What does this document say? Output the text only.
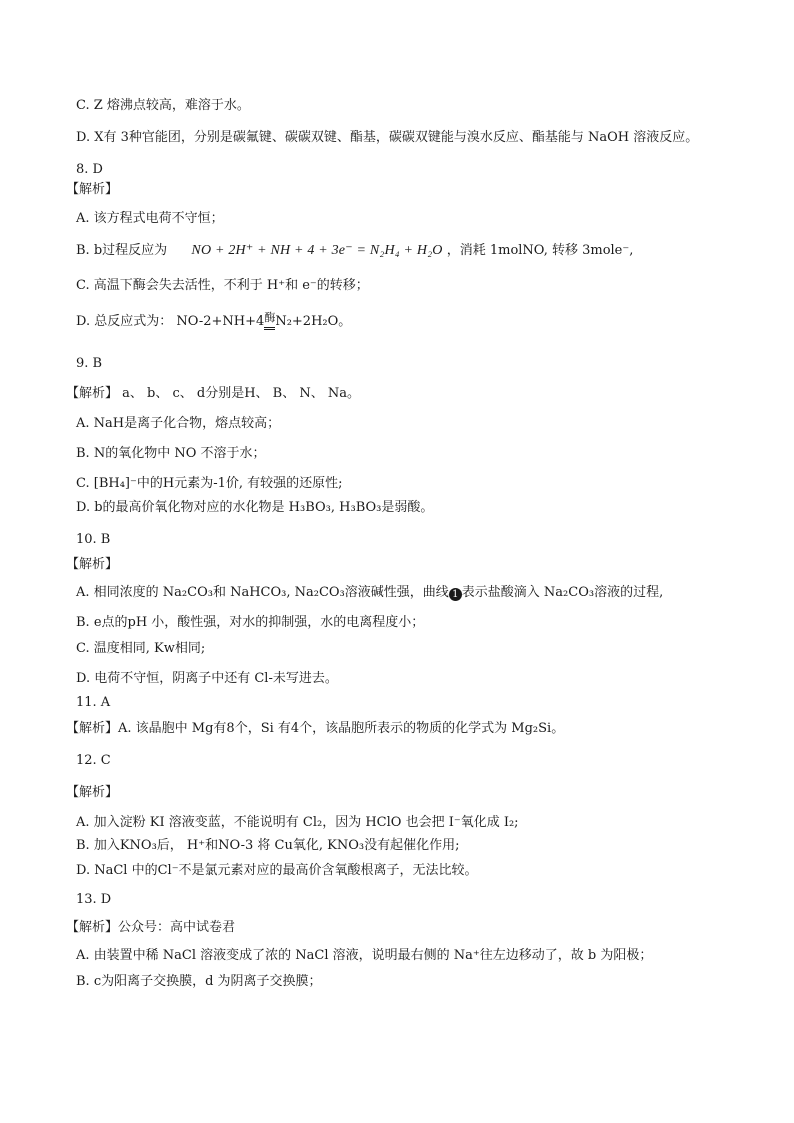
C. Z 熔沸点较高，难溶于水。
D. X有 3种官能团，分别是碳氟键、碳碳双键、酯基，碳碳双键能与溴水反应、酯基能与 NaOH 溶液反应。
8. D
【解析】
A. 该方程式电荷不守恒；
B. b过程反应为 NO + 2H⁺ + NH + 4 + 3e⁻ = N₂H₄ + H₂O ，消耗 1molNO, 转移 3mole⁻,
C. 高温下酶会失去活性，不利于 H⁺和 e⁻的转移；
D. 总反应式为： NO-2+NH+4酶N₂+2H₂O。
9. B
【解析】 a、 b、 c、 d分别是H、 B、 N、 Na。
A. NaH是离子化合物，熔点较高；
B. N的氧化物中 NO 不溶于水；
C. [BH₄]⁻中的H元素为-1价, 有较强的还原性;
D. b的最高价氧化物对应的水化物是 H₃BO₃, H₃BO₃是弱酸。
10. B
【解析】
A. 相同浓度的 Na₂CO₃和 NaHCO₃, Na₂CO₃溶液碱性强，曲线 1 表示盐酸滴入 Na₂CO₃溶液的过程,
B. e点的pH 小，酸性强，对水的抑制强，水的电离程度小；
C. 温度相同, Kw相同;
D. 电荷不守恒，阴离子中还有 Cl-未写进去。
11. A
【解析】A. 该晶胞中 Mg有8个，Si 有4个，该晶胞所表示的物质的化学式为 Mg₂Si。
12. C
【解析】
A. 加入淀粉 KI 溶液变蓝，不能说明有 Cl₂，因为 HClO 也会把 I⁻氧化成 I₂;
B. 加入KNO₃后， H⁺和NO-3 将 Cu氧化, KNO₃没有起催化作用;
D. NaCl 中的Cl⁻不是氯元素对应的最高价含氧酸根离子，无法比较。
13. D
【解析】公众号：高中试卷君
A. 由装置中稀 NaCl 溶液变成了浓的 NaCl 溶液，说明最右侧的 Na⁺往左边移动了，故 b 为阳极；
B. c为阳离子交换膜，d 为阴离子交换膜；
